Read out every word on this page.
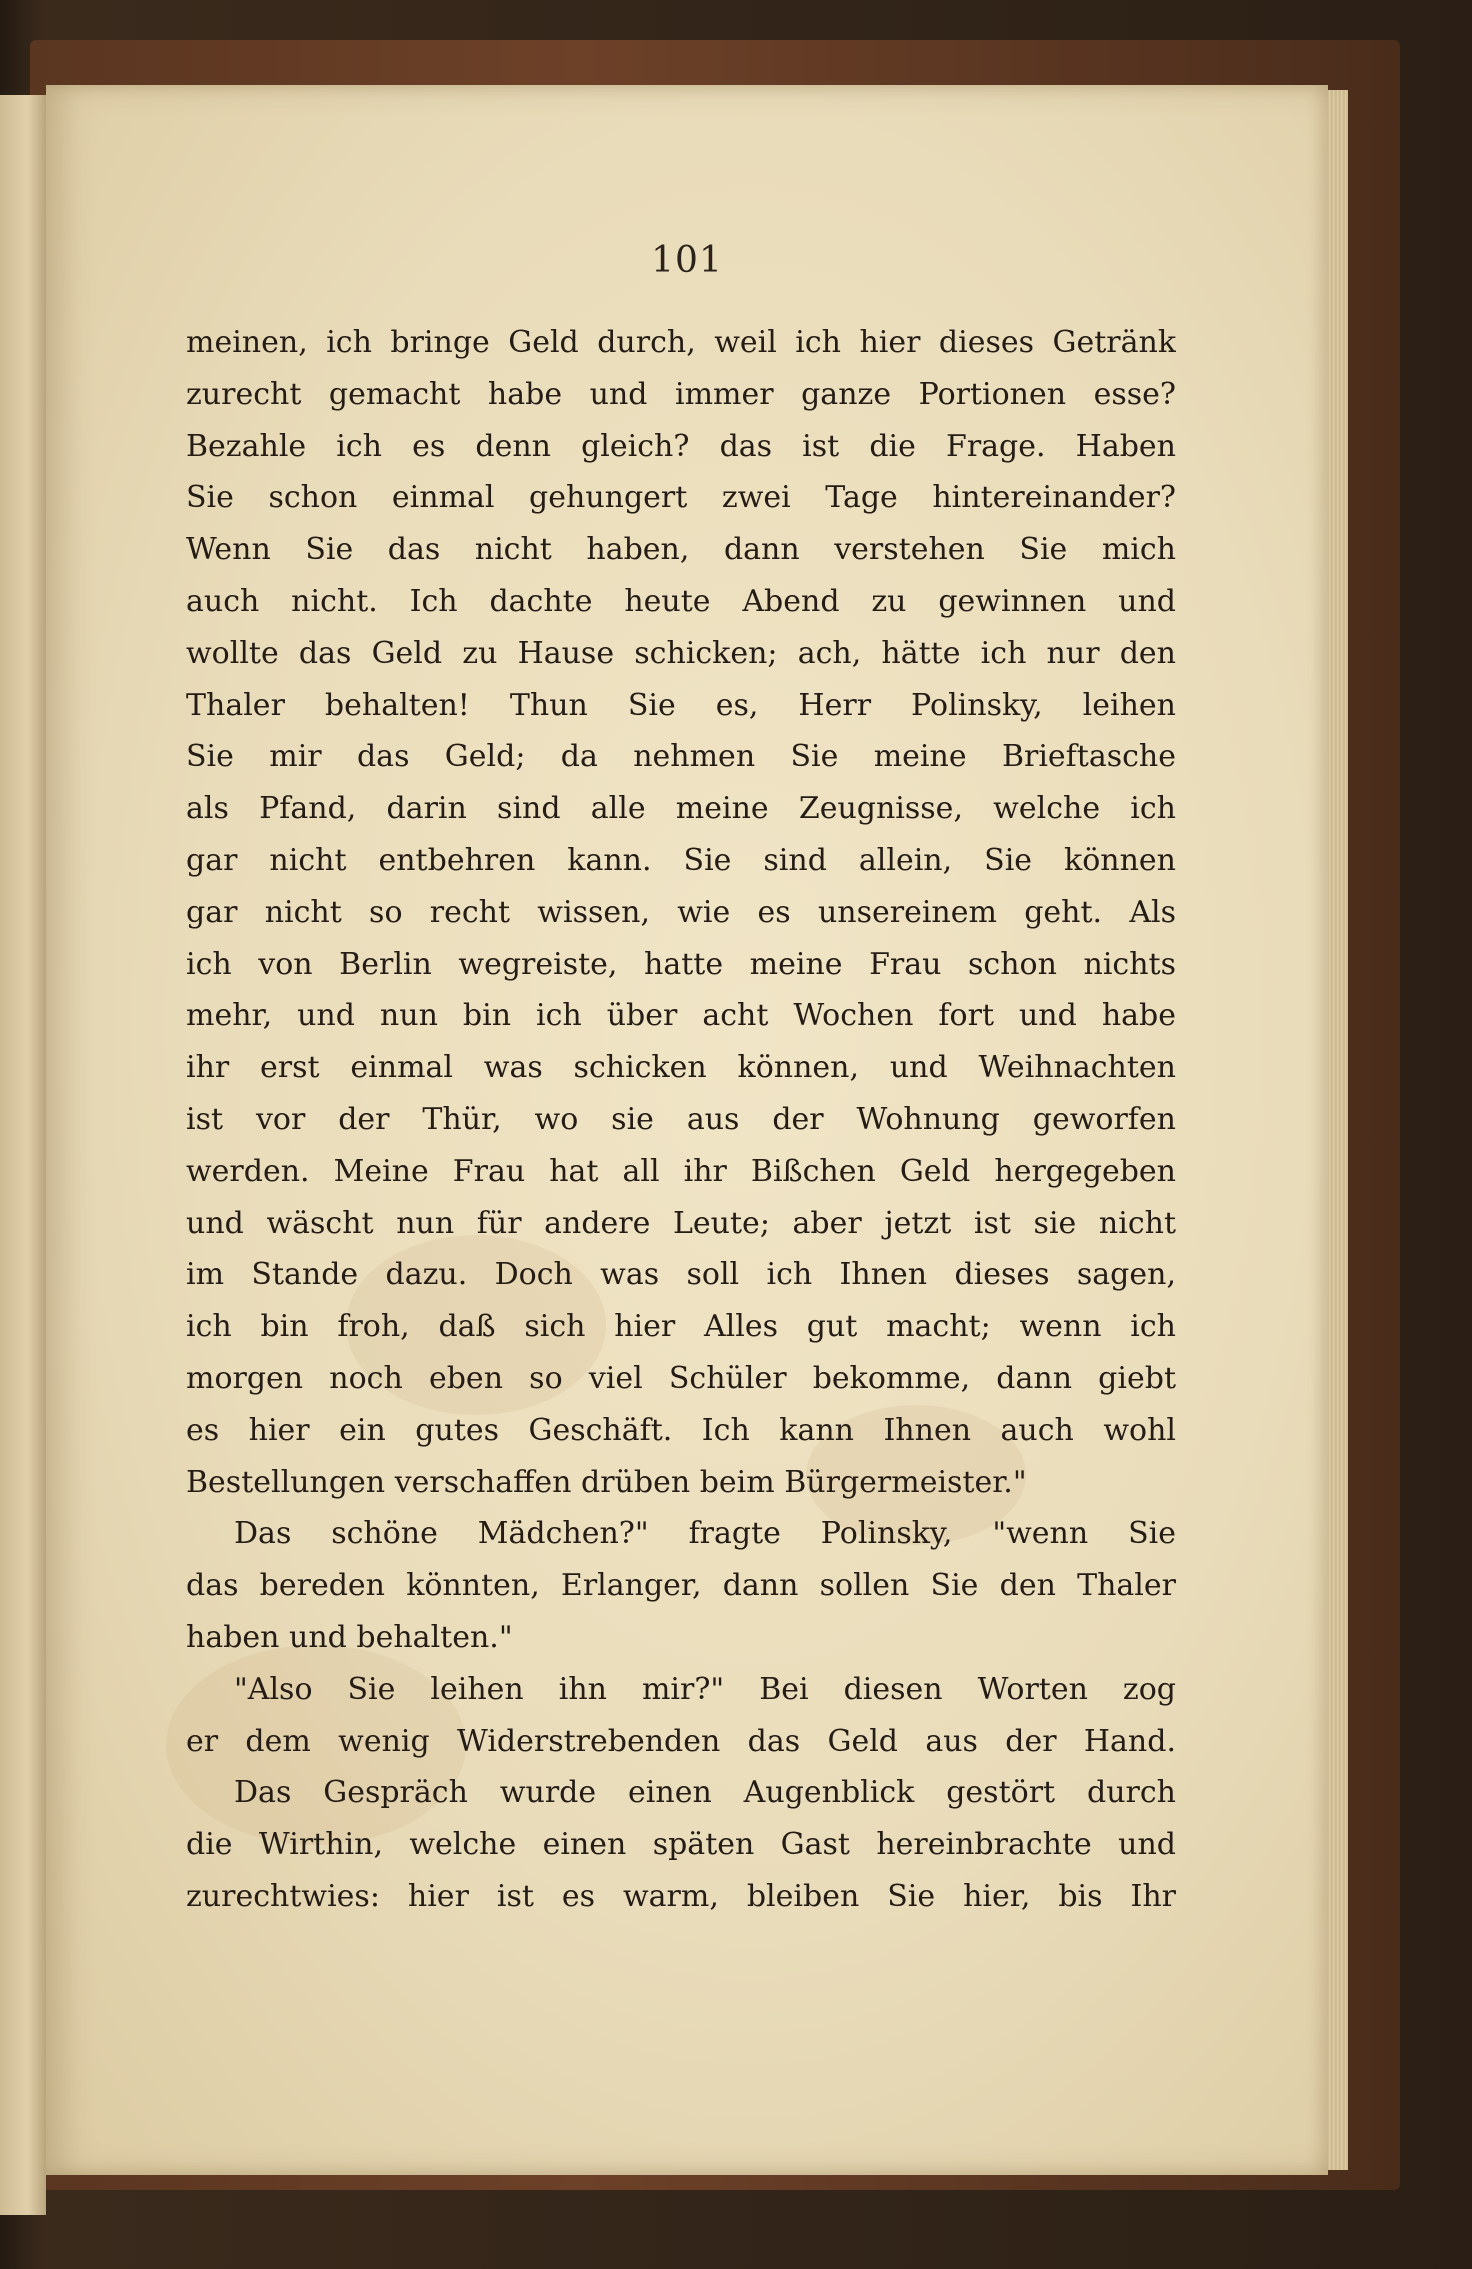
101
meinen, ich bringe Geld durch, weil ich hier dieses Getränk
zurecht gemacht habe und immer ganze Portionen esse?
Bezahle ich es denn gleich? das ist die Frage. Haben
Sie schon einmal gehungert zwei Tage hintereinander?
Wenn Sie das nicht haben, dann verstehen Sie mich
auch nicht. Ich dachte heute Abend zu gewinnen und
wollte das Geld zu Hause schicken; ach, hätte ich nur den
Thaler behalten! Thun Sie es, Herr Polinsky, leihen
Sie mir das Geld; da nehmen Sie meine Brieftasche
als Pfand, darin sind alle meine Zeugnisse, welche ich
gar nicht entbehren kann. Sie sind allein, Sie können
gar nicht so recht wissen, wie es unsereinem geht. Als
ich von Berlin wegreiste, hatte meine Frau schon nichts
mehr, und nun bin ich über acht Wochen fort und habe
ihr erst einmal was schicken können, und Weihnachten
ist vor der Thür, wo sie aus der Wohnung geworfen
werden. Meine Frau hat all ihr Bißchen Geld hergegeben
und wäscht nun für andere Leute; aber jetzt ist sie nicht
im Stande dazu. Doch was soll ich Ihnen dieses sagen,
ich bin froh, daß sich hier Alles gut macht; wenn ich
morgen noch eben so viel Schüler bekomme, dann giebt
es hier ein gutes Geschäft. Ich kann Ihnen auch wohl
Bestellungen verschaffen drüben beim Bürgermeister."
Das schöne Mädchen?" fragte Polinsky, "wenn Sie
das bereden könnten, Erlanger, dann sollen Sie den Thaler
haben und behalten."
"Also Sie leihen ihn mir?" Bei diesen Worten zog
er dem wenig Widerstrebenden das Geld aus der Hand.
Das Gespräch wurde einen Augenblick gestört durch
die Wirthin, welche einen späten Gast hereinbrachte und
zurechtwies: hier ist es warm, bleiben Sie hier, bis Ihr
